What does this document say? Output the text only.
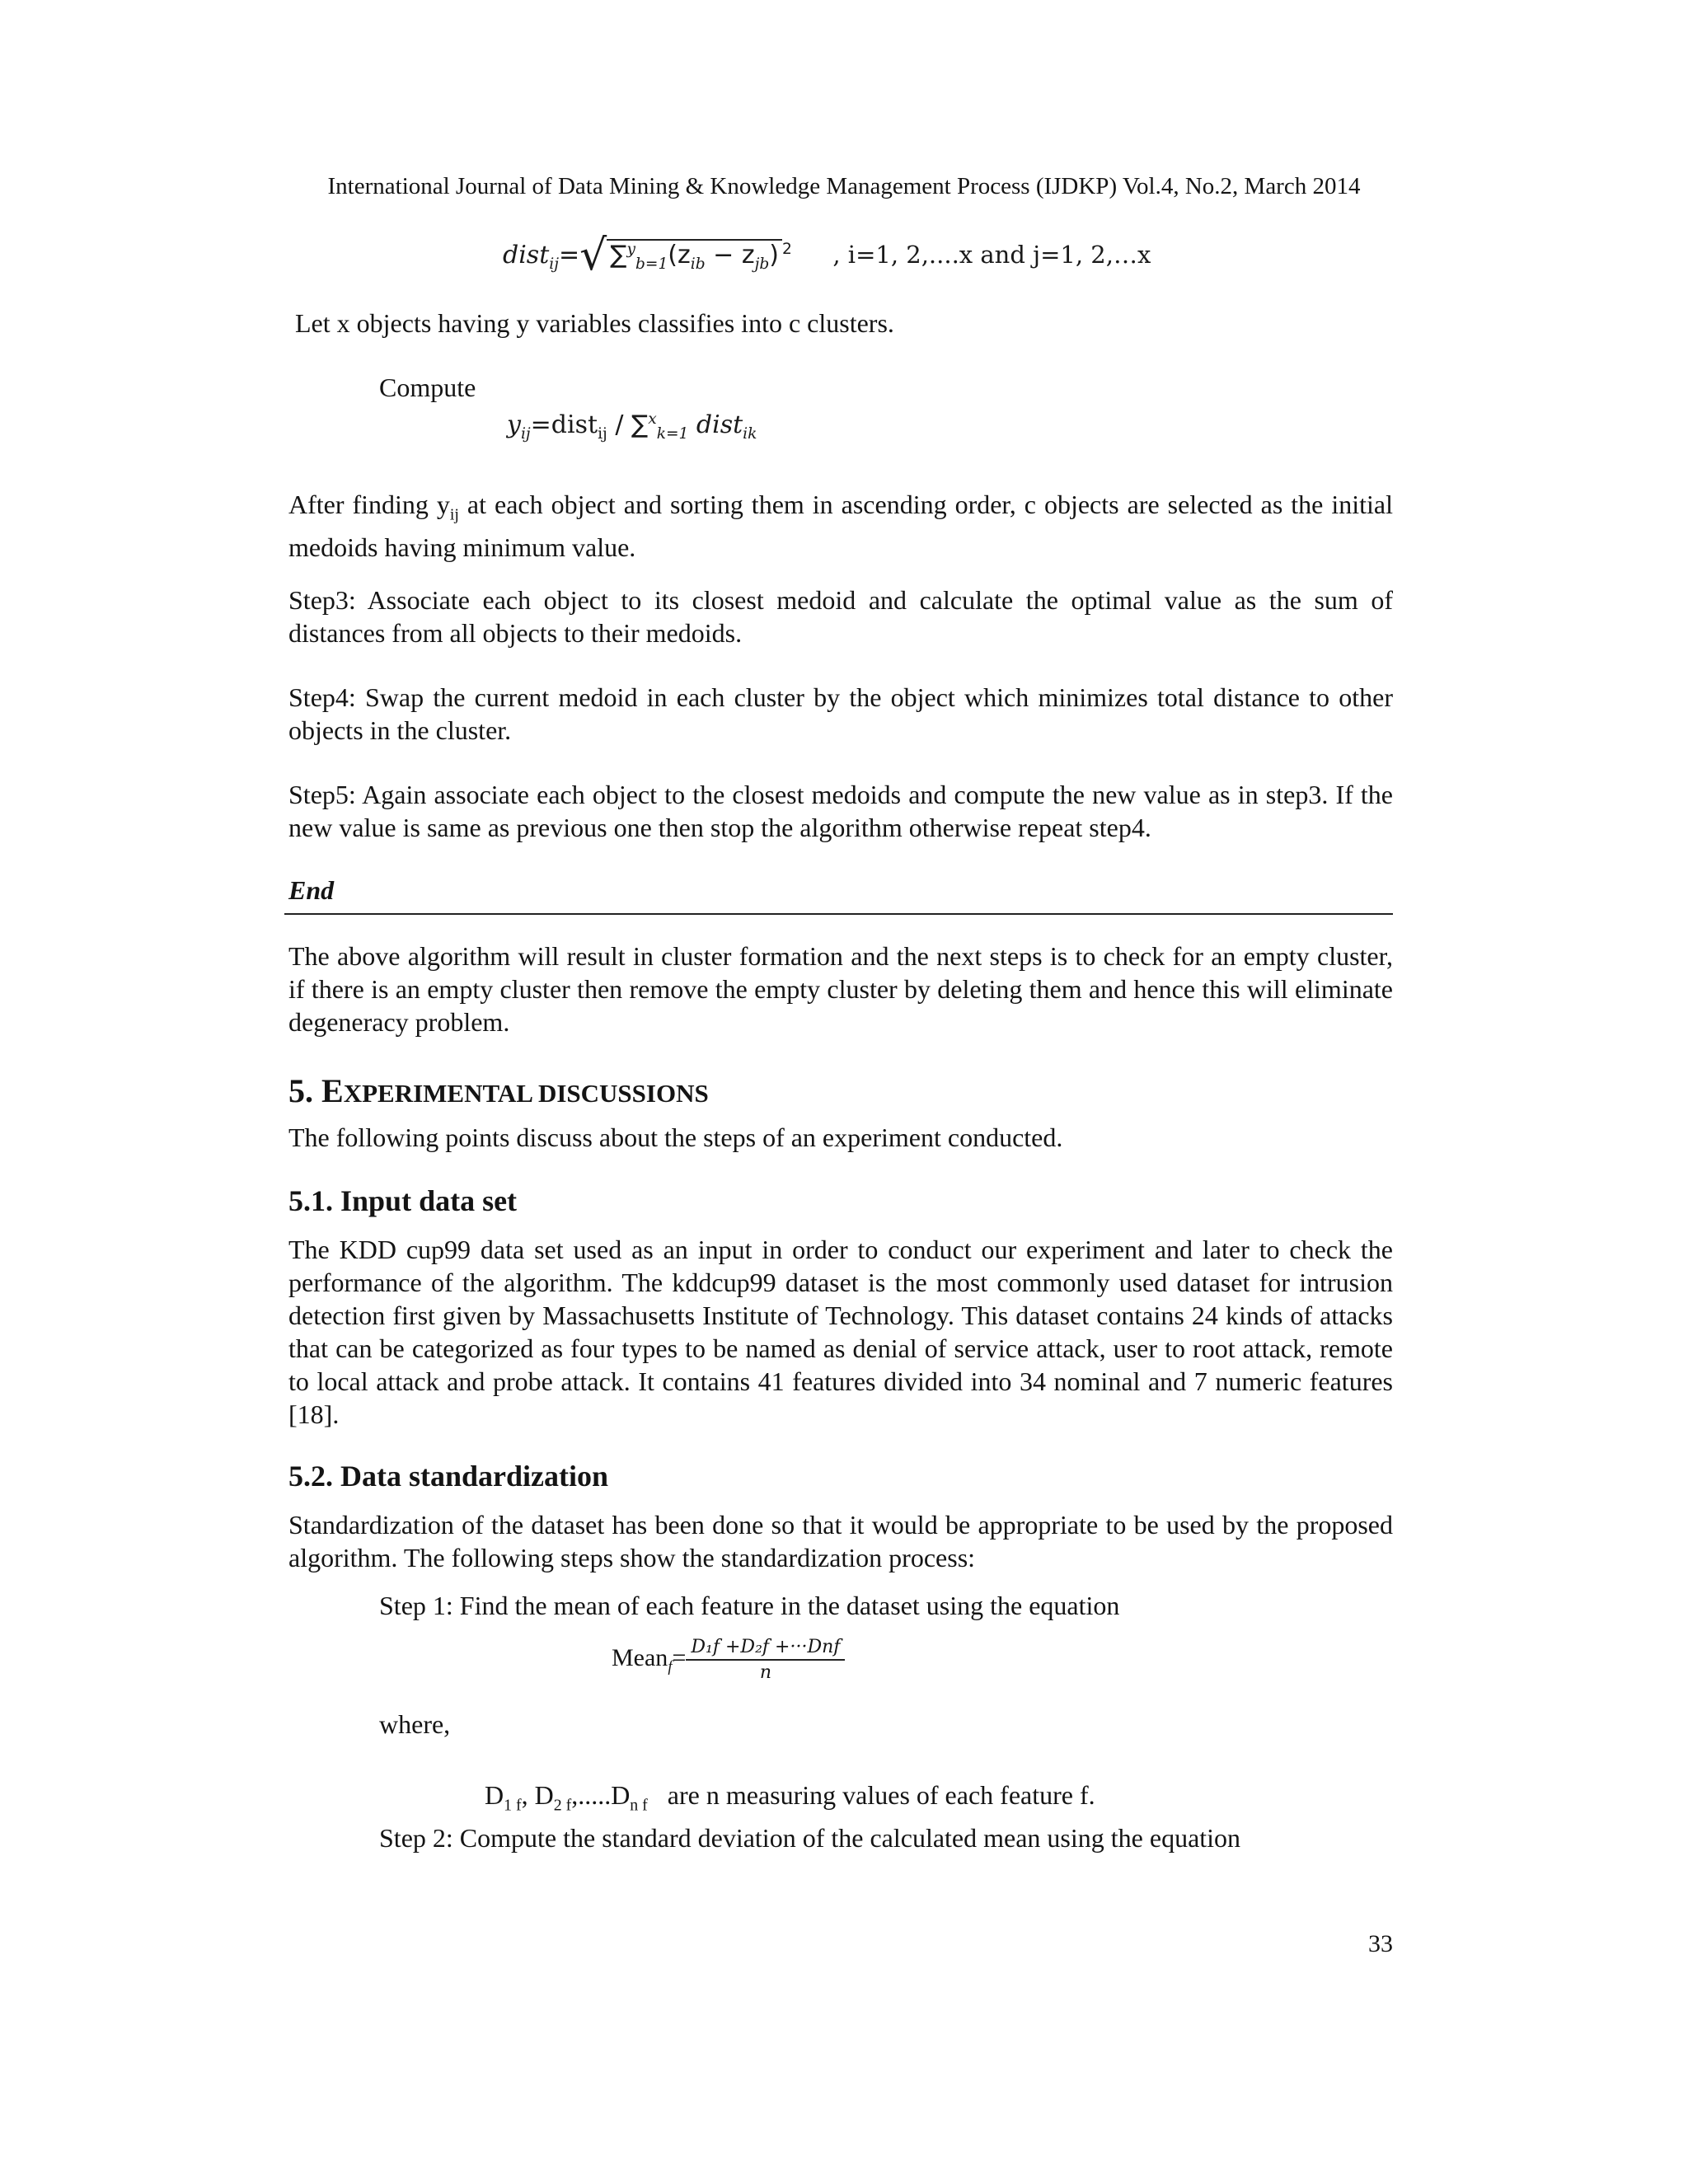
International Journal of Data Mining & Knowledge Management Process (IJDKP) Vol.4, No.2, March 2014
dist$_{ij}$=√ $\sum^y_{b=1}(z_{ib} - z_{jb})$ $^2$ , i=1, 2,....x and j=1, 2,…x
Let x objects having y variables classifies into c clusters.
Compute
$y_{ij}=dist_{ij} / \sum^x_{k=1}$ dist$_{ik}$
After finding $y_{ij}$ at each object and sorting them in ascending order, c objects are selected as the initial medoids having minimum value.
Step3: Associate each object to its closest medoid and calculate the optimal value as the sum of distances from all objects to their medoids.
Step4: Swap the current medoid in each cluster by the object which minimizes total distance to other objects in the cluster.
Step5: Again associate each object to the closest medoids and compute the new value as in step3. If the new value is same as previous one then stop the algorithm otherwise repeat step4.
End
The above algorithm will result in cluster formation and the next steps is to check for an empty cluster, if there is an empty cluster then remove the empty cluster by deleting them and hence this will eliminate degeneracy problem.
5. EXPERIMENTAL DISCUSSIONS
The following points discuss about the steps of an experiment conducted.
5.1. Input data set
The KDD cup99 data set used as an input in order to conduct our experiment and later to check the performance of the algorithm. The kddcup99 dataset is the most commonly used dataset for intrusion detection first given by Massachusetts Institute of Technology. This dataset contains 24 kinds of attacks that can be categorized as four types to be named as denial of service attack, user to root attack, remote to local attack and probe attack. It contains 41 features divided into 34 nominal and 7 numeric features [18].
5.2. Data standardization
Standardization of the dataset has been done so that it would be appropriate to be used by the proposed algorithm. The following steps show the standardization process:
Step 1: Find the mean of each feature in the dataset using the equation
Mean$_f$= $\frac{\text{D₁f +D₂f +···Dnf}}{n}$
where,

$D_{1 f}$, $D_{2 f},.....D_{n f}$   are n measuring values of each feature f.

Step 2: Compute the standard deviation of the calculated mean using the equation
33
